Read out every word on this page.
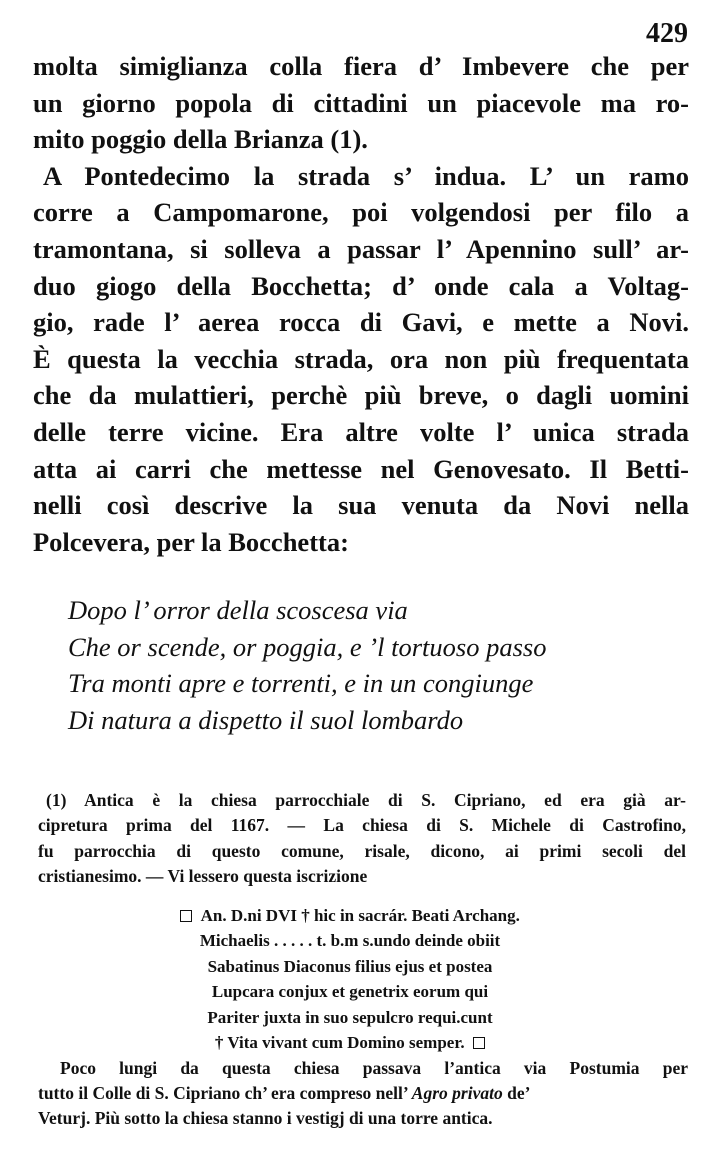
429
molta simiglianza colla fiera d’ Imbevere che per
un giorno popola di cittadini un piacevole ma ro-
mito poggio della Brianza (1).
A Pontedecimo la strada s’ indua. L’ un ramo
corre a Campomarone, poi volgendosi per filo a
tramontana, si solleva a passar l’ Apennino sull’ ar-
duo giogo della Bocchetta; d’ onde cala a Voltag-
gio, rade l’ aerea rocca di Gavi, e mette a Novi.
È questa la vecchia strada, ora non più frequentata
che da mulattieri, perchè più breve, o dagli uomini
delle terre vicine. Era altre volte l’ unica strada
atta ai carri che mettesse nel Genovesato. Il Betti-
nelli così descrive la sua venuta da Novi nella
Polcevera, per la Bocchetta:
Dopo l’ orror della scoscesa via
Che or scende, or poggia, e ’l tortuoso passo
Tra monti apre e torrenti, e in un congiunge
Di natura a dispetto il suol lombardo
(1) Antica è la chiesa parrocchiale di S. Cipriano, ed era già ar-
cipretura prima del 1167. — La chiesa di S. Michele di Castrofino,
fu parrocchia di questo comune, risale, dicono, ai primi secoli del
cristianesimo. — Vi lessero questa iscrizione
An. D.ni DVI † hic in sacrár. Beati Archang.
Michaelis . . . . . t. b.m s.undo deinde obiit
Sabatinus Diaconus filius ejus et postea
Lupcara conjux et genetrix eorum qui
Pariter juxta in suo sepulcro requi.cunt
† Vita vivant cum Domino semper.
Poco lungi da questa chiesa passava l’antica via Postumia per
tutto il Colle di S. Cipriano ch’ era compreso nell’ Agro privato de’
Veturj. Più sotto la chiesa stanno i vestigj di una torre antica.
